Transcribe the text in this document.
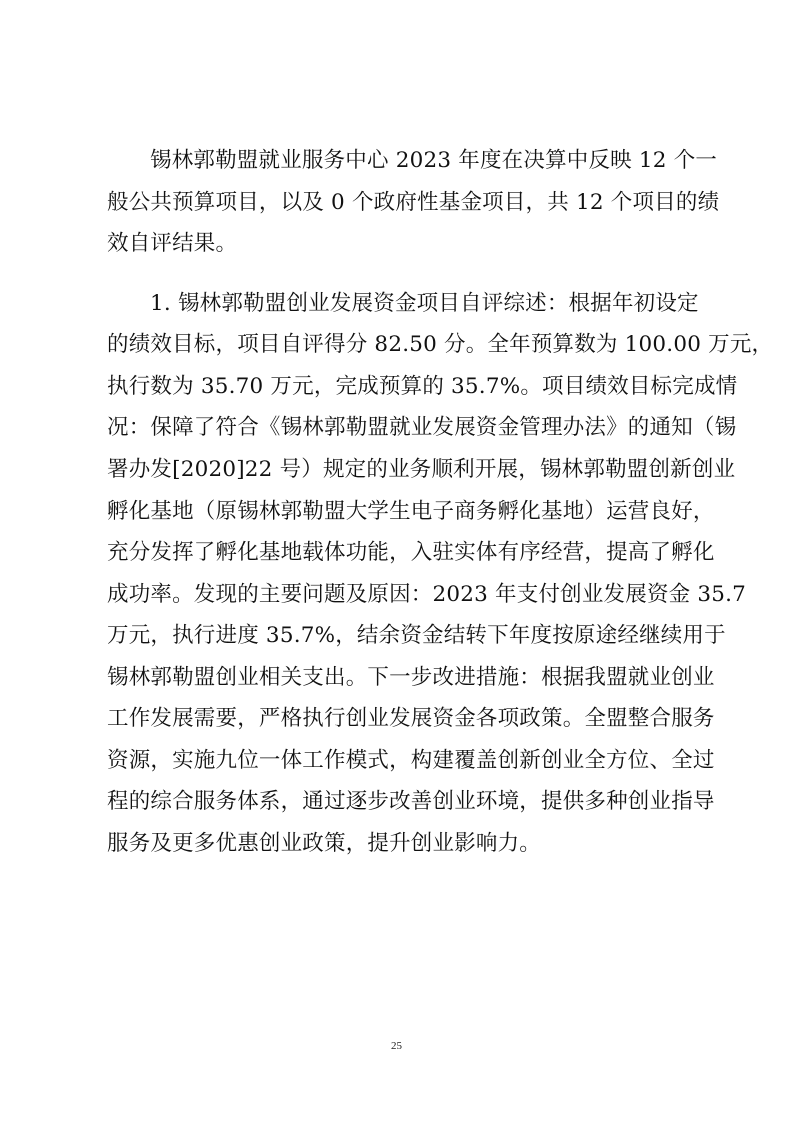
锡林郭勒盟就业服务中心 2023 年度在决算中反映 12 个一
般公共预算项目，以及 0 个政府性基金项目，共 12 个项目的绩
效自评结果。
1. 锡林郭勒盟创业发展资金项目自评综述：根据年初设定
的绩效目标，项目自评得分 82.50 分。全年预算数为 100.00 万元，
执行数为 35.70 万元，完成预算的 35.7%。项目绩效目标完成情
况：保障了符合《锡林郭勒盟就业发展资金管理办法》的通知（锡
署办发[2020]22 号）规定的业务顺利开展，锡林郭勒盟创新创业
孵化基地（原锡林郭勒盟大学生电子商务孵化基地）运营良好，
充分发挥了孵化基地载体功能，入驻实体有序经营，提高了孵化
成功率。发现的主要问题及原因：2023 年支付创业发展资金 35.7
万元，执行进度 35.7%，结余资金结转下年度按原途经继续用于
锡林郭勒盟创业相关支出。下一步改进措施：根据我盟就业创业
工作发展需要，严格执行创业发展资金各项政策。全盟整合服务
资源，实施九位一体工作模式，构建覆盖创新创业全方位、全过
程的综合服务体系，通过逐步改善创业环境，提供多种创业指导
服务及更多优惠创业政策，提升创业影响力。
25
